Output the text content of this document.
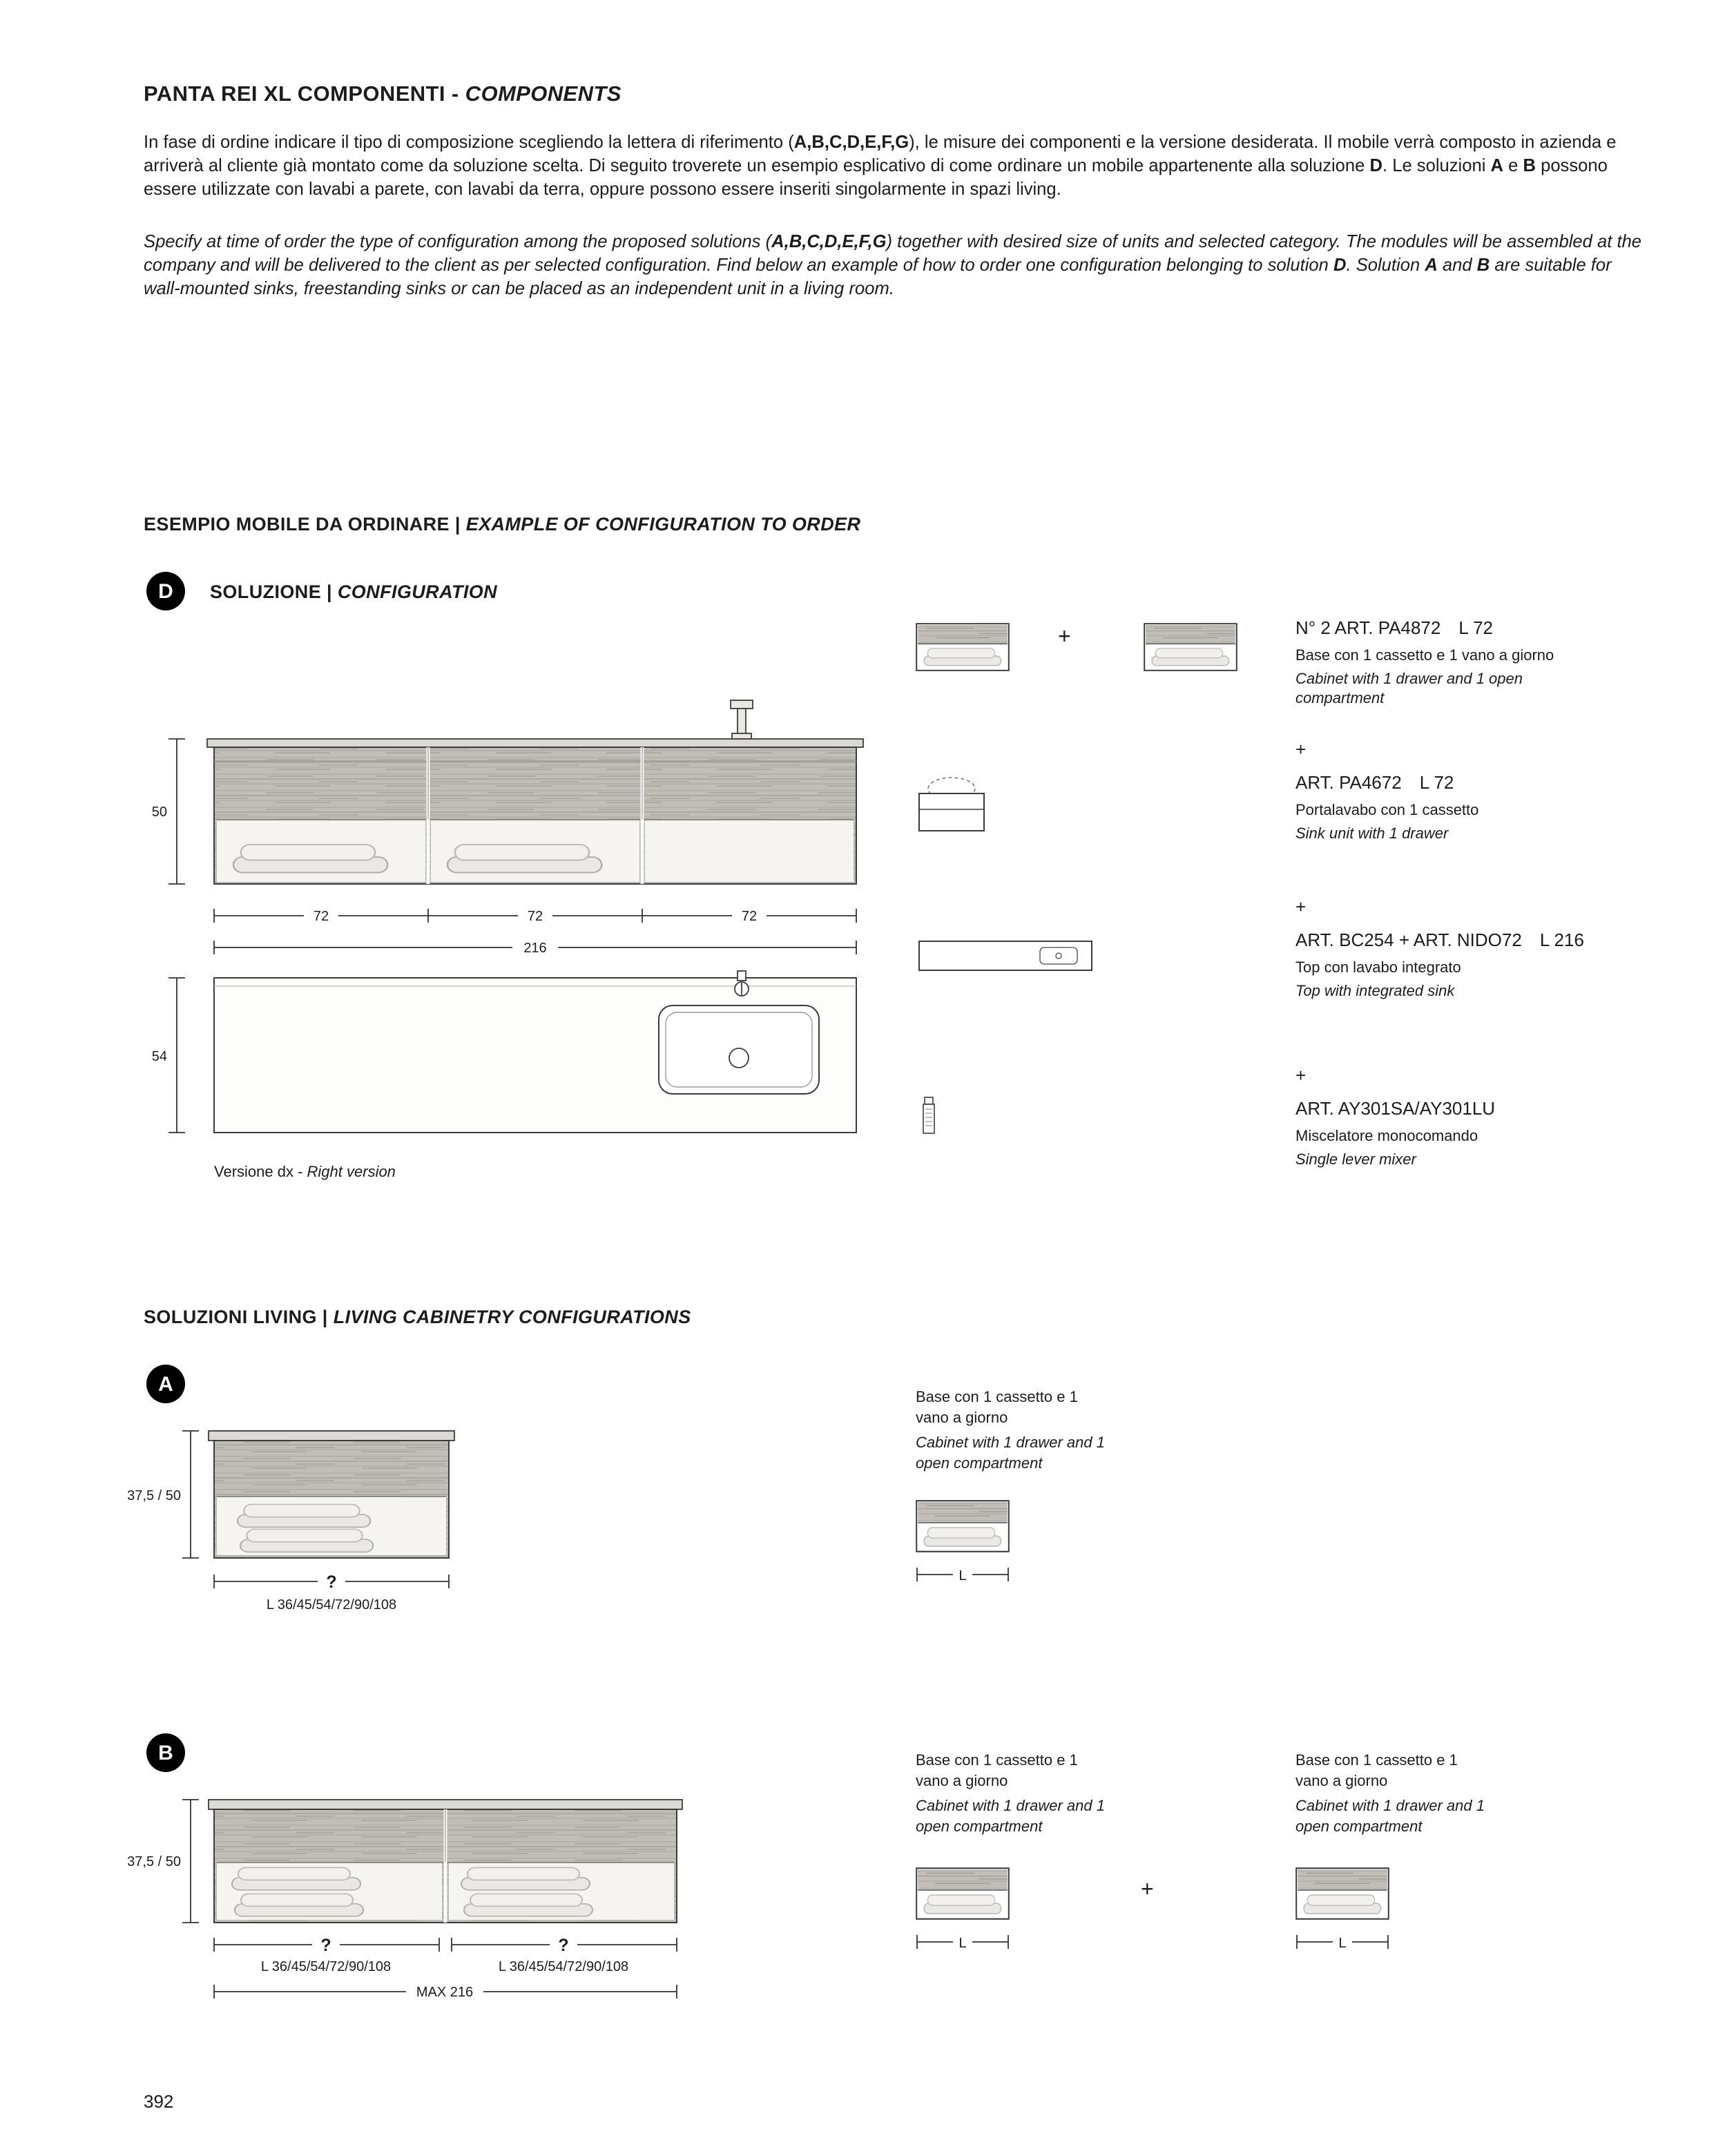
PANTA REI XL COMPONENTI - COMPONENTS
In fase di ordine indicare il tipo di composizione scegliendo la lettera di riferimento (A,B,C,D,E,F,G), le misure dei componenti e la versione desiderata. Il mobile verrà composto in azienda e arriverà al cliente già montato come da soluzione scelta. Di seguito troverete un esempio esplicativo di come ordinare un mobile appartenente alla soluzione D. Le soluzioni A e B possono essere utilizzate con lavabi a parete, con lavabi da terra, oppure possono essere inseriti singolarmente in spazi living.
Specify at time of order the type of configuration among the proposed solutions (A,B,C,D,E,F,G) together with desired size of units and selected category. The modules will be assembled at the company and will be delivered to the client as per selected configuration. Find below an example of how to order one configuration belonging to solution D. Solution A and B are suitable for wall-mounted sinks, freestanding sinks or can be placed as an independent unit in a living room.
ESEMPIO MOBILE DA ORDINARE | EXAMPLE OF CONFIGURATION TO ORDER
D	SOLUZIONE | CONFIGURATION
50
72	72	72
216
54
Versione dx - Right version
+	N° 2 ART. PA4872 L 72
Base con 1 cassetto e 1 vano a giorno
Cabinet with 1 drawer and 1 open compartment
+
ART. PA4672 L 72
Portalavabo con 1 cassetto
Sink unit with 1 drawer
+
ART. BC254 + ART. NIDO72 L 216
Top con lavabo integrato
Top with integrated sink
+
ART. AY301SA/AY301LU
Miscelatore monocomando
Single lever mixer
SOLUZIONI LIVING | LIVING CABINETRY CONFIGURATIONS
A
37,5 / 50
?
L 36/45/54/72/90/108
Base con 1 cassetto e 1 vano a giorno
Cabinet with 1 drawer and 1 open compartment
L
B
37,5 / 50
?	?
L 36/45/54/72/90/108	L 36/45/54/72/90/108
MAX 216
Base con 1 cassetto e 1 vano a giorno
Cabinet with 1 drawer and 1 open compartment
Base con 1 cassetto e 1 vano a giorno
Cabinet with 1 drawer and 1 open compartment
+
L	L
392
